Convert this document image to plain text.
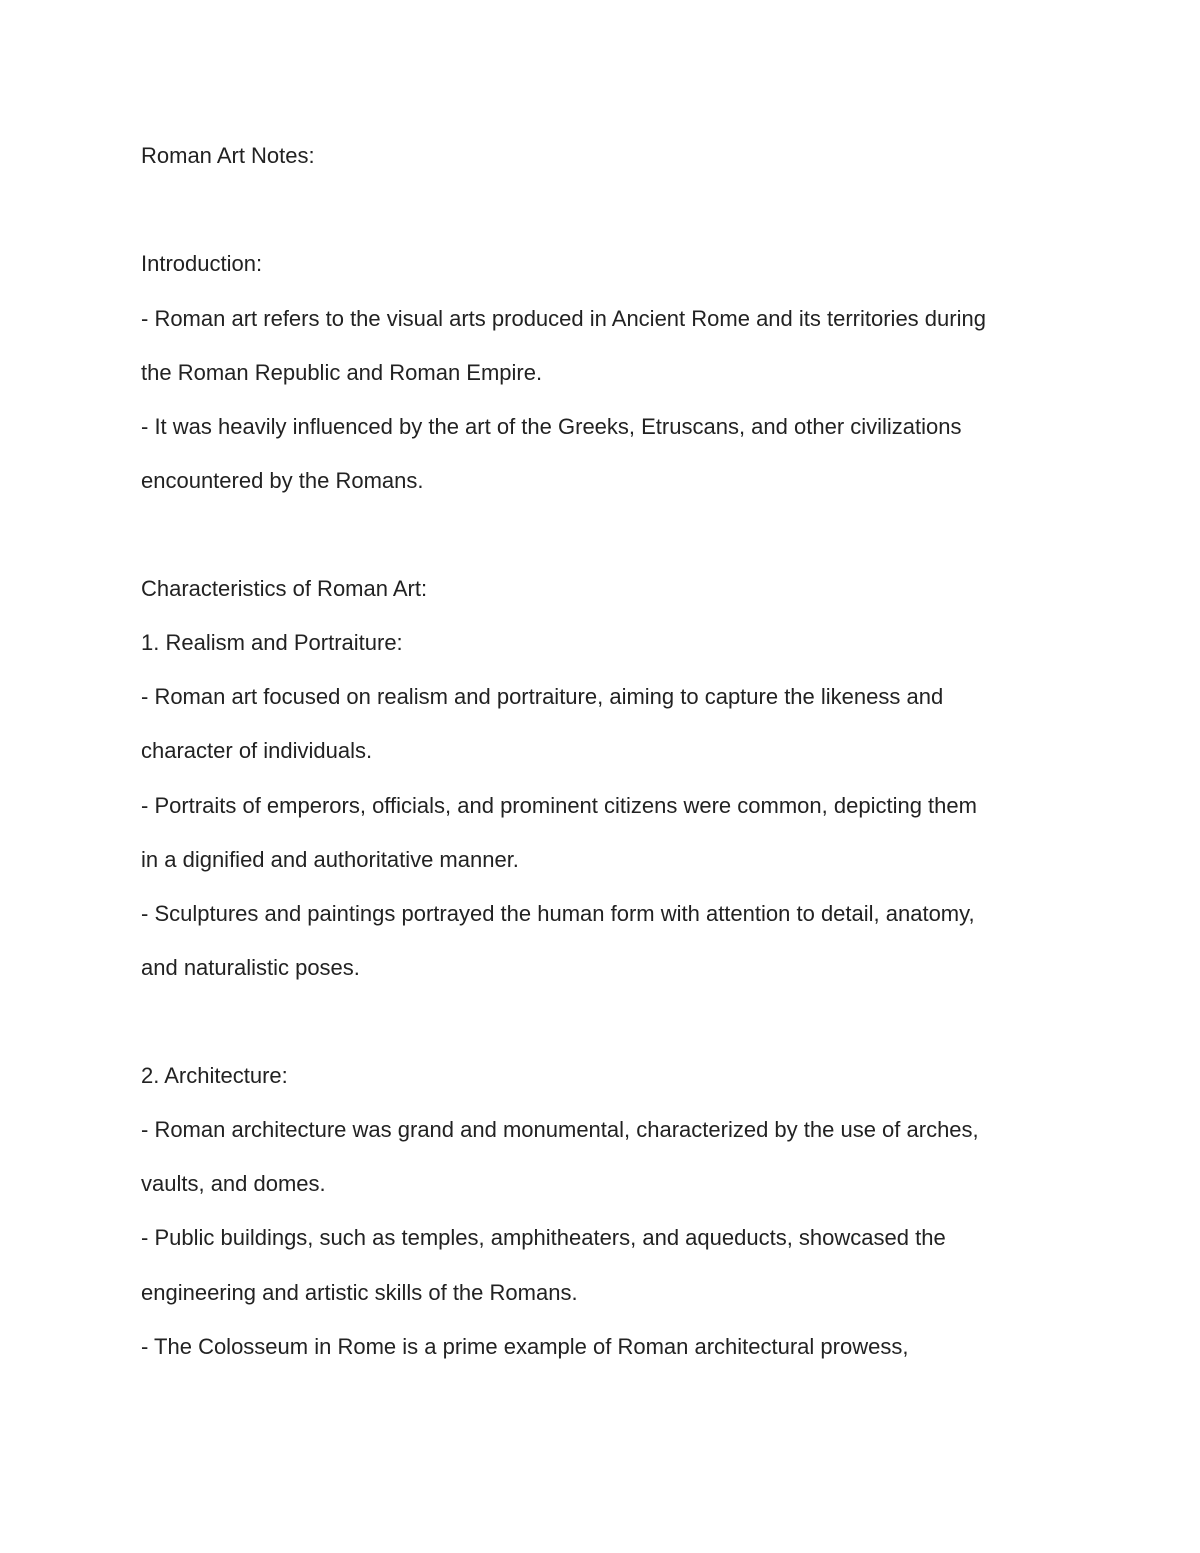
Roman Art Notes:

Introduction:

- Roman art refers to the visual arts produced in Ancient Rome and its territories during

the Roman Republic and Roman Empire.

- It was heavily influenced by the art of the Greeks, Etruscans, and other civilizations

encountered by the Romans.

Characteristics of Roman Art:

1. Realism and Portraiture:

- Roman art focused on realism and portraiture, aiming to capture the likeness and

character of individuals.

- Portraits of emperors, officials, and prominent citizens were common, depicting them

in a dignified and authoritative manner.

- Sculptures and paintings portrayed the human form with attention to detail, anatomy,

and naturalistic poses.

2. Architecture:

- Roman architecture was grand and monumental, characterized by the use of arches,

vaults, and domes.

- Public buildings, such as temples, amphitheaters, and aqueducts, showcased the

engineering and artistic skills of the Romans.

- The Colosseum in Rome is a prime example of Roman architectural prowess,
